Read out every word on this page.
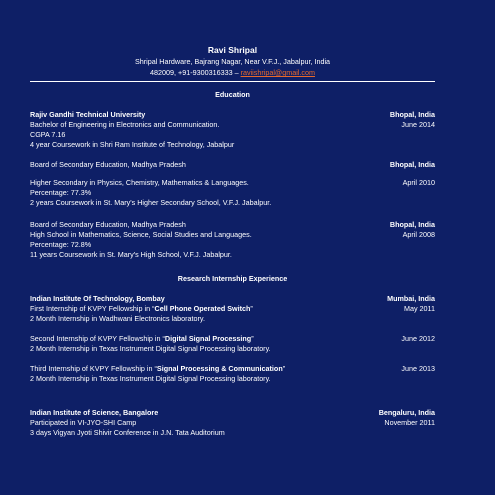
Ravi Shripal
Shripal Hardware, Bajrang Nagar, Near V.F.J., Jabalpur, India
482009, +91-9300316333 – raviishripal@gmail.com
Education
Rajiv Gandhi Technical University	Bhopal, India
Bachelor of Engineering in Electronics and Communication.	June 2014
CGPA 7.16
4 year Coursework in Shri Ram Institute of Technology, Jabalpur
Board of Secondary Education, Madhya Pradesh	Bhopal, India
Higher Secondary in Physics, Chemistry, Mathematics & Languages.	April 2010
Percentage: 77.3%
2 years Coursework in St. Mary's Higher Secondary School, V.F.J. Jabalpur.
Board of Secondary Education, Madhya Pradesh	Bhopal, India
High School in Mathematics, Science, Social Studies and Languages.	April 2008
Percentage: 72.8%
11 years Coursework in St. Mary's High School, V.F.J. Jabalpur.
Research Internship Experience
Indian Institute Of Technology, Bombay	Mumbai, India
First Internship of KVPY Fellowship in “Cell Phone Operated Switch”	May 2011
2 Month Internship in Wadhwani Electronics laboratory.
Second Internship of KVPY Fellowship in “Digital Signal Processing”	June 2012
2 Month Internship in Texas Instrument Digital Signal Processing laboratory.
Third Internship of KVPY Fellowship in “Signal Processing & Communication”	June 2013
2 Month Internship in Texas Instrument Digital Signal Processing laboratory.
Indian Institute of Science, Bangalore	Bengaluru, India
Participated in VI-JYO-SHI Camp	November 2011
3 days Vigyan Jyoti Shivir Conference in J.N. Tata Auditorium
